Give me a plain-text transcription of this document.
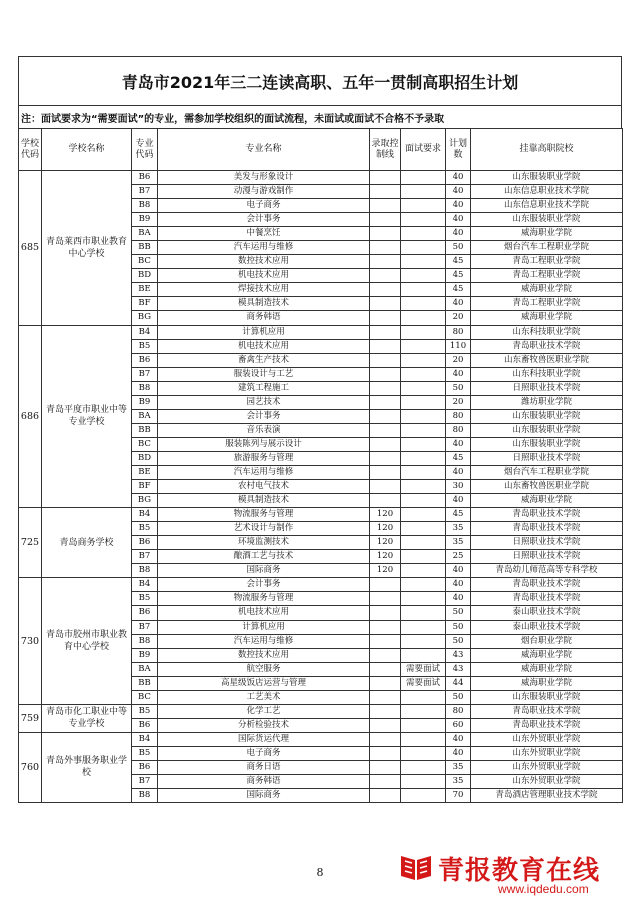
青岛市2021年三二连读高职、五年一贯制高职招生计划
注：面试要求为“需要面试”的专业，需参加学校组织的面试流程，未面试或面试不合格不予录取
学校代码	学校名称	专业代码	专业名称	录取控制线	面试要求	计划数	挂靠高职院校
685	青岛莱西市职业教育中心学校	B6	美发与形象设计			40	山东服装职业学院
		B7	动漫与游戏制作			40	山东信息职业技术学院
		B8	电子商务			40	山东信息职业技术学院
		B9	会计事务			40	山东服装职业学院
		BA	中餐烹饪			40	威海职业学院
		BB	汽车运用与维修			50	烟台汽车工程职业学院
		BC	数控技术应用			45	青岛工程职业学院
		BD	机电技术应用			45	青岛工程职业学院
		BE	焊接技术应用			45	威海职业学院
		BF	模具制造技术			40	青岛工程职业学院
		BG	商务韩语			20	威海职业学院
686	青岛平度市职业中等专业学校	B4	计算机应用			80	山东科技职业学院
		B5	机电技术应用			110	青岛职业技术学院
		B6	畜禽生产技术			20	山东畜牧兽医职业学院
		B7	服装设计与工艺			40	山东科技职业学院
		B8	建筑工程施工			50	日照职业技术学院
		B9	园艺技术			20	潍坊职业学院
		BA	会计事务			80	山东服装职业学院
		BB	音乐表演			80	山东服装职业学院
		BC	服装陈列与展示设计			40	山东服装职业学院
		BD	旅游服务与管理			45	日照职业技术学院
		BE	汽车运用与维修			40	烟台汽车工程职业学院
		BF	农村电气技术			30	山东畜牧兽医职业学院
		BG	模具制造技术			40	威海职业学院
725	青岛商务学校	B4	物流服务与管理	120		45	青岛职业技术学院
		B5	艺术设计与制作	120		35	青岛职业技术学院
		B6	环境监测技术	120		35	日照职业技术学院
		B7	酿酒工艺与技术	120		25	日照职业技术学院
		B8	国际商务	120		40	青岛幼儿师范高等专科学校
730	青岛市胶州市职业教育中心学校	B4	会计事务			40	青岛职业技术学院
		B5	物流服务与管理			40	青岛职业技术学院
		B6	机电技术应用			50	泰山职业技术学院
		B7	计算机应用			50	泰山职业技术学院
		B8	汽车运用与维修			50	烟台职业学院
		B9	数控技术应用			43	威海职业学院
		BA	航空服务		需要面试	43	威海职业学院
		BB	高星级饭店运营与管理		需要面试	44	威海职业学院
		BC	工艺美术			50	山东服装职业学院
759	青岛市化工职业中等专业学校	B5	化学工艺			80	青岛职业技术学院
		B6	分析检验技术			60	青岛职业技术学院
760	青岛外事服务职业学校	B4	国际货运代理			40	山东外贸职业学院
		B5	电子商务			40	山东外贸职业学院
		B6	商务日语			35	山东外贸职业学院
		B7	商务韩语			35	山东外贸职业学院
		B8	国际商务			70	青岛酒店管理职业技术学院
8	青报教育在线
www.iqdedu.com
